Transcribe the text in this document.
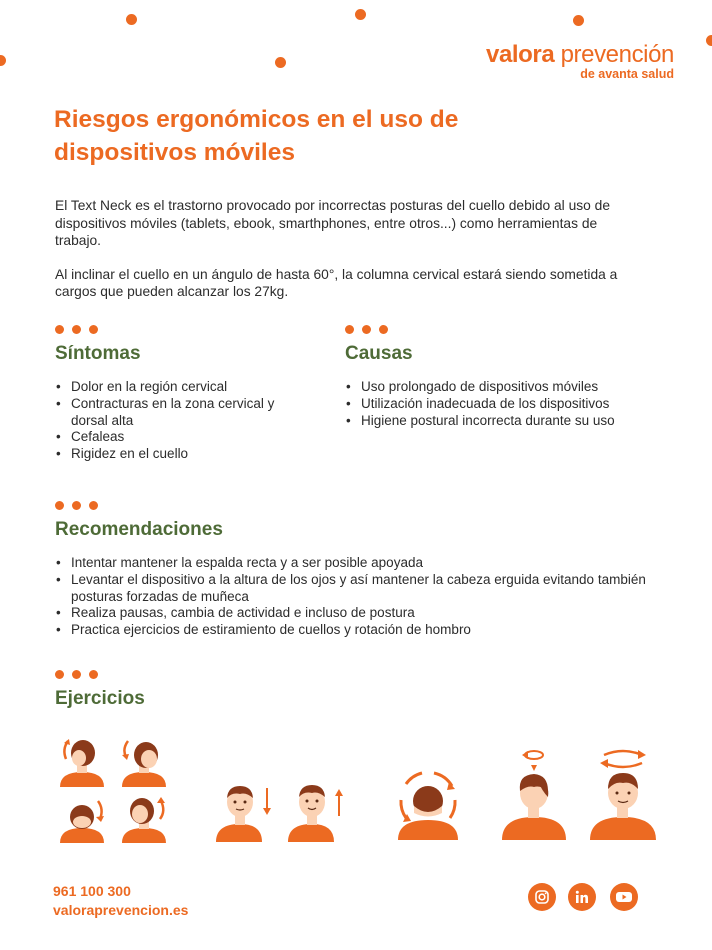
valora prevención
de avanta salud
Riesgos ergonómicos en el uso de dispositivos móviles

El Text Neck es el trastorno provocado por incorrectas posturas del cuello debido al uso de dispositivos móviles (tablets, ebook, smarthphones, entre otros...) como herramientas de trabajo.

Al inclinar el cuello en un ángulo de hasta 60°, la columna cervical estará siendo sometida a cargos que pueden alcanzar los 27kg.

Síntomas
• Dolor en la región cervical
• Contracturas en la zona cervical y dorsal alta
• Cefaleas
• Rigidez en el cuello
Causas
• Uso prolongado de dispositivos móviles
• Utilización inadecuada de los dispositivos
• Higiene postural incorrecta durante su uso
Recomendaciones
• Intentar mantener la espalda recta y a ser posible apoyada
• Levantar el dispositivo a la altura de los ojos y así mantener la cabeza erguida evitando también posturas forzadas de muñeca
• Realiza pausas, cambia de actividad e incluso de postura
• Practica ejercicios de estiramiento de cuellos y rotación de hombro
Ejercicios
961 100 300
valoraprevencion.es
